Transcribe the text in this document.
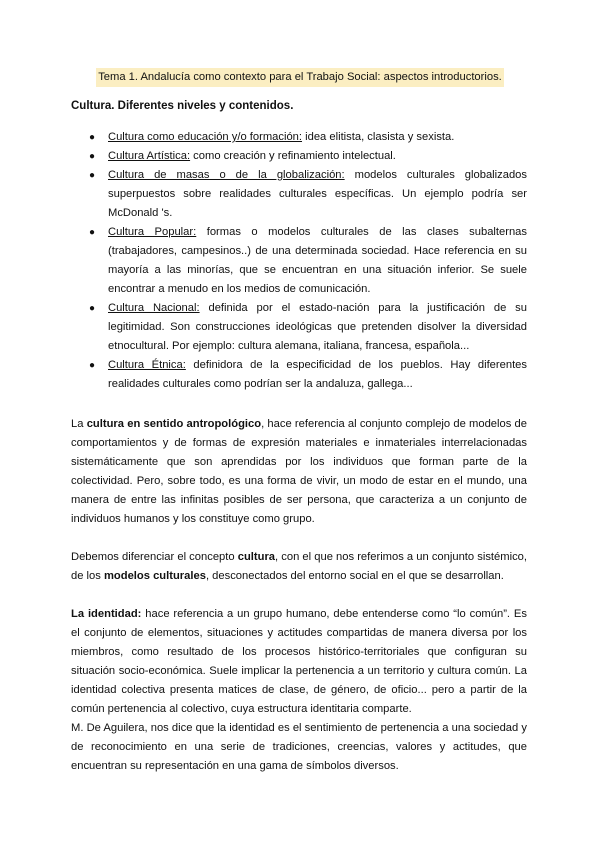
Tema 1. Andalucía como contexto para el Trabajo Social: aspectos introductorios.
Cultura. Diferentes niveles y contenidos.
● Cultura como educación y/o formación: idea elitista, clasista y sexista.
● Cultura Artística: como creación y refinamiento intelectual.
● Cultura de masas o de la globalización: modelos culturales globalizados superpuestos sobre realidades culturales específicas. Un ejemplo podría ser McDonald 's.
● Cultura Popular: formas o modelos culturales de las clases subalternas (trabajadores, campesinos..) de una determinada sociedad. Hace referencia en su mayoría a las minorías, que se encuentran en una situación inferior. Se suele encontrar a menudo en los medios de comunicación.
● Cultura Nacional: definida por el estado-nación para la justificación de su legitimidad. Son construcciones ideológicas que pretenden disolver la diversidad etnocultural. Por ejemplo: cultura alemana, italiana, francesa, española...
● Cultura Étnica: definidora de la especificidad de los pueblos. Hay diferentes realidades culturales como podrían ser la andaluza, gallega...

La cultura en sentido antropológico, hace referencia al conjunto complejo de modelos de comportamientos y de formas de expresión materiales e inmateriales interrelacionadas sistemáticamente que son aprendidas por los individuos que forman parte de la colectividad. Pero, sobre todo, es una forma de vivir, un modo de estar en el mundo, una manera de entre las infinitas posibles de ser persona, que caracteriza a un conjunto de individuos humanos y los constituye como grupo.

Debemos diferenciar el concepto cultura, con el que nos referimos a un conjunto sistémico, de los modelos culturales, desconectados del entorno social en el que se desarrollan.

La identidad: hace referencia a un grupo humano, debe entenderse como “lo común”. Es el conjunto de elementos, situaciones y actitudes compartidas de manera diversa por los miembros, como resultado de los procesos histórico-territoriales que configuran su situación socio-económica. Suele implicar la pertenencia a un territorio y cultura común. La identidad colectiva presenta matices de clase, de género, de oficio... pero a partir de la común pertenencia al colectivo, cuya estructura identitaria comparte.

M. De Aguilera, nos dice que la identidad es el sentimiento de pertenencia a una sociedad y de reconocimiento en una serie de tradiciones, creencias, valores y actitudes, que encuentran su representación en una gama de símbolos diversos.
